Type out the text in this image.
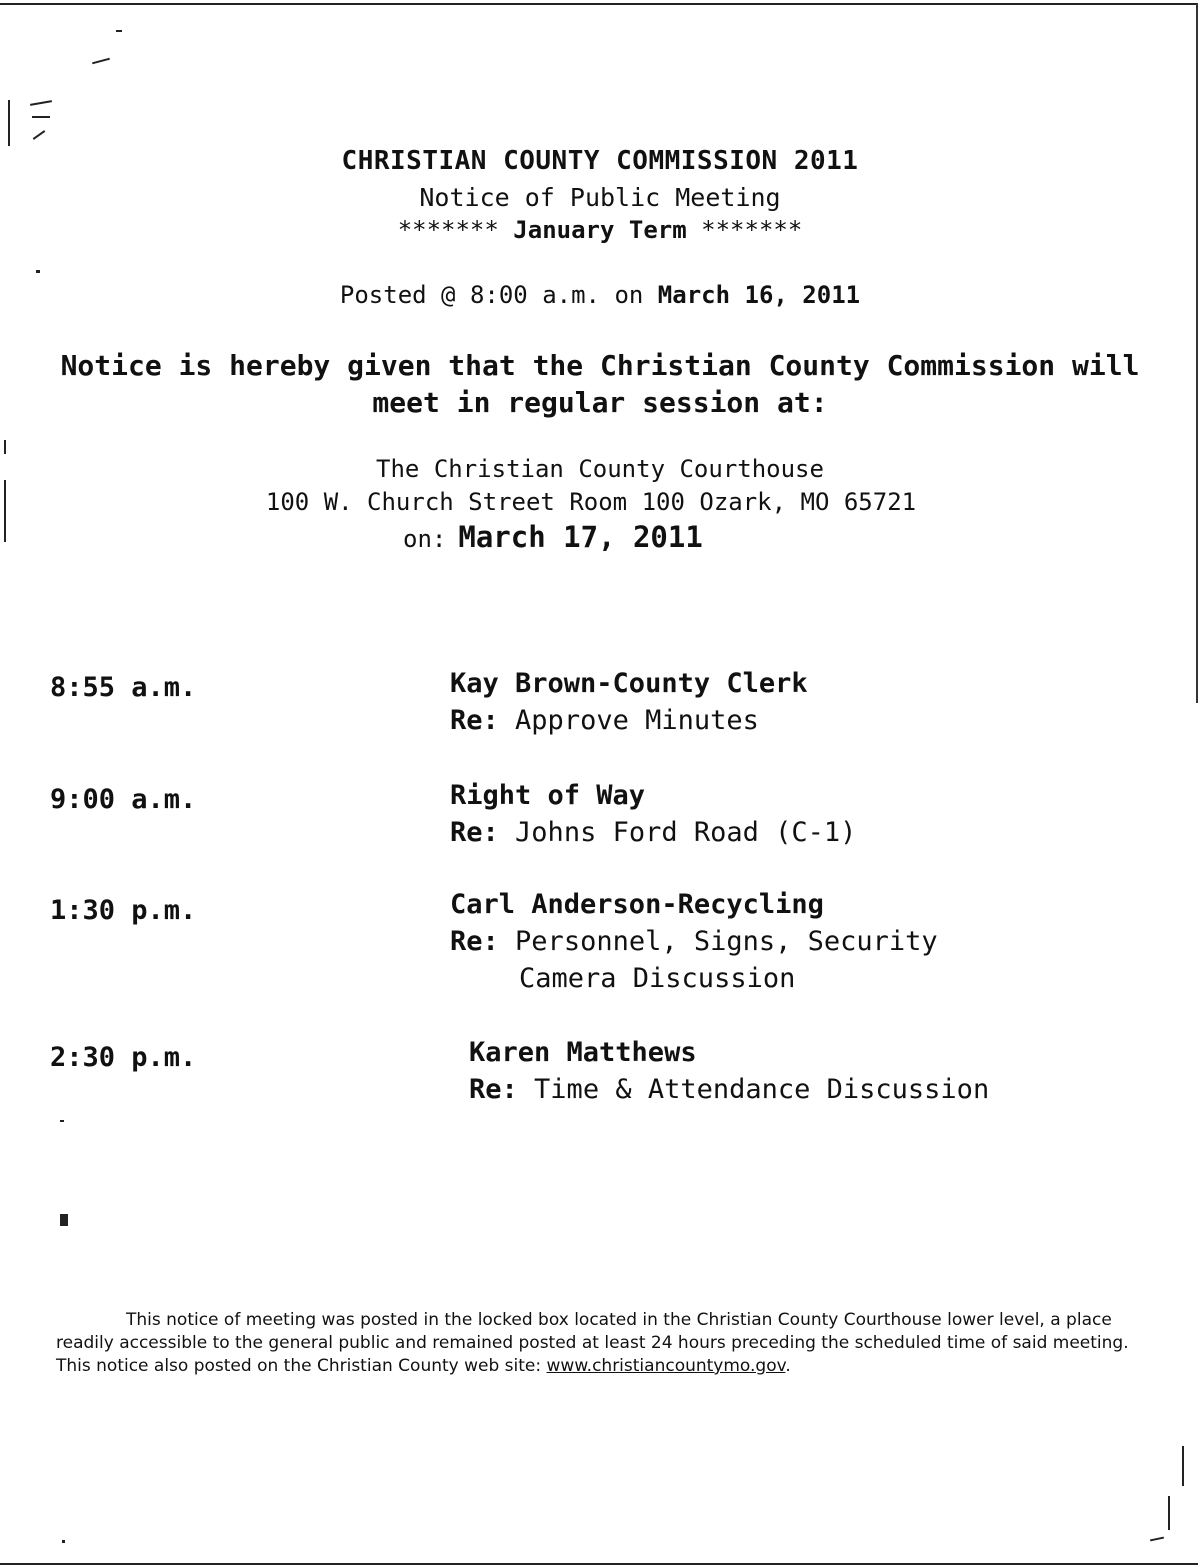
CHRISTIAN COUNTY COMMISSION 2011
Notice of Public Meeting
******* January Term *******
Posted @ 8:00 a.m. on March 16, 2011
Notice is hereby given that the Christian County Commission will meet in regular session at:
The Christian County Courthouse
100 W. Church Street Room 100 Ozark, MO 65721
on: March 17, 2011
8:55 a.m.	Kay Brown-County Clerk
Re: Approve Minutes
9:00 a.m.	Right of Way
Re: Johns Ford Road (C-1)
1:30 p.m.	Carl Anderson-Recycling
Re: Personnel, Signs, Security
Camera Discussion
2:30 p.m.	Karen Matthews
Re: Time & Attendance Discussion
This notice of meeting was posted in the locked box located in the Christian County Courthouse lower level, a place readily accessible to the general public and remained posted at least 24 hours preceding the scheduled time of said meeting. This notice also posted on the Christian County web site: www.christiancountymo.gov.
